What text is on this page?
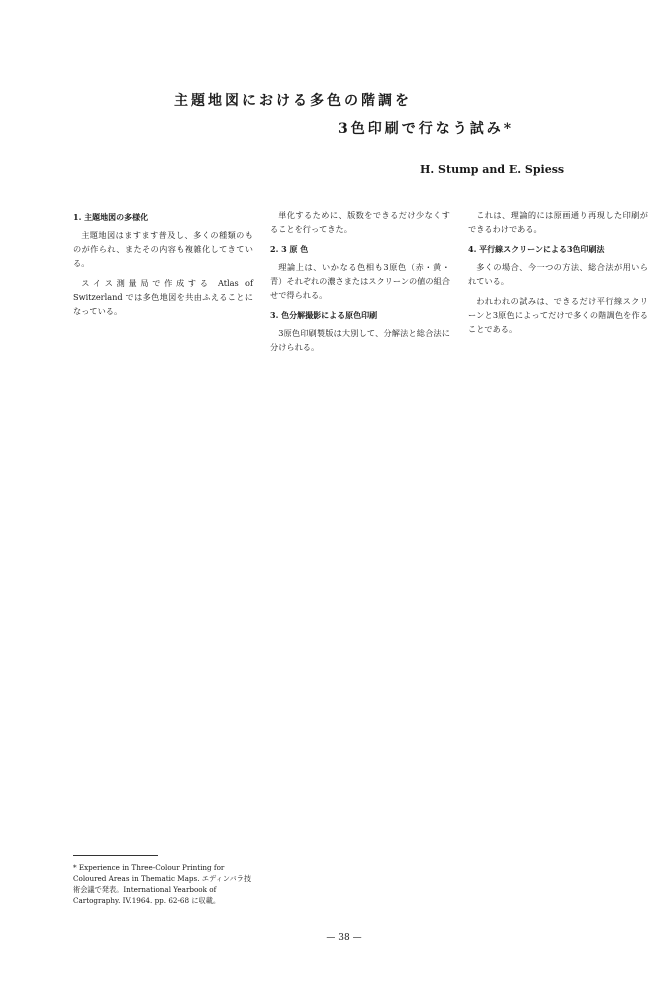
主題地図における多色の階調を
3色印刷で行なう試み*
H. Stump and E. Spiess
1. 主題地図の多様化

主題地図はますます普及し、多くの種類のものが作られ、またその内容も複雑化してきている。

スイス測量局で作成する Atlas of Switzerland では多色地図を共由ふえることになっている。

単化するために、版数をできるだけ少なくすることを行ってきた。

2. 3 原 色

理論上は、いかなる色相も3原色（赤・黄・青）それぞれの濃さまたはスクリーンの値の組合せで得られる。

3. 色分解撮影による原色印刷

3原色印刷製版は大別して、分解法と総合法に分けられる。

これは、理論的には原画通り再現した印刷ができるわけである。

4. 平行線スクリーンによる3色印刷法

多くの場合、今一つの方法、総合法が用いられている。

われわれの試みは、できるだけ平行線スクリーンと3原色によってだけで多くの階調色を作ることである。

* Experience in Three-Colour Printing for Coloured Areas in Thematic Maps. エディンバラ技術会議で発表。International Yearbook of Cartography. IV.1964. pp. 62-68 に収載。
— 38 —
